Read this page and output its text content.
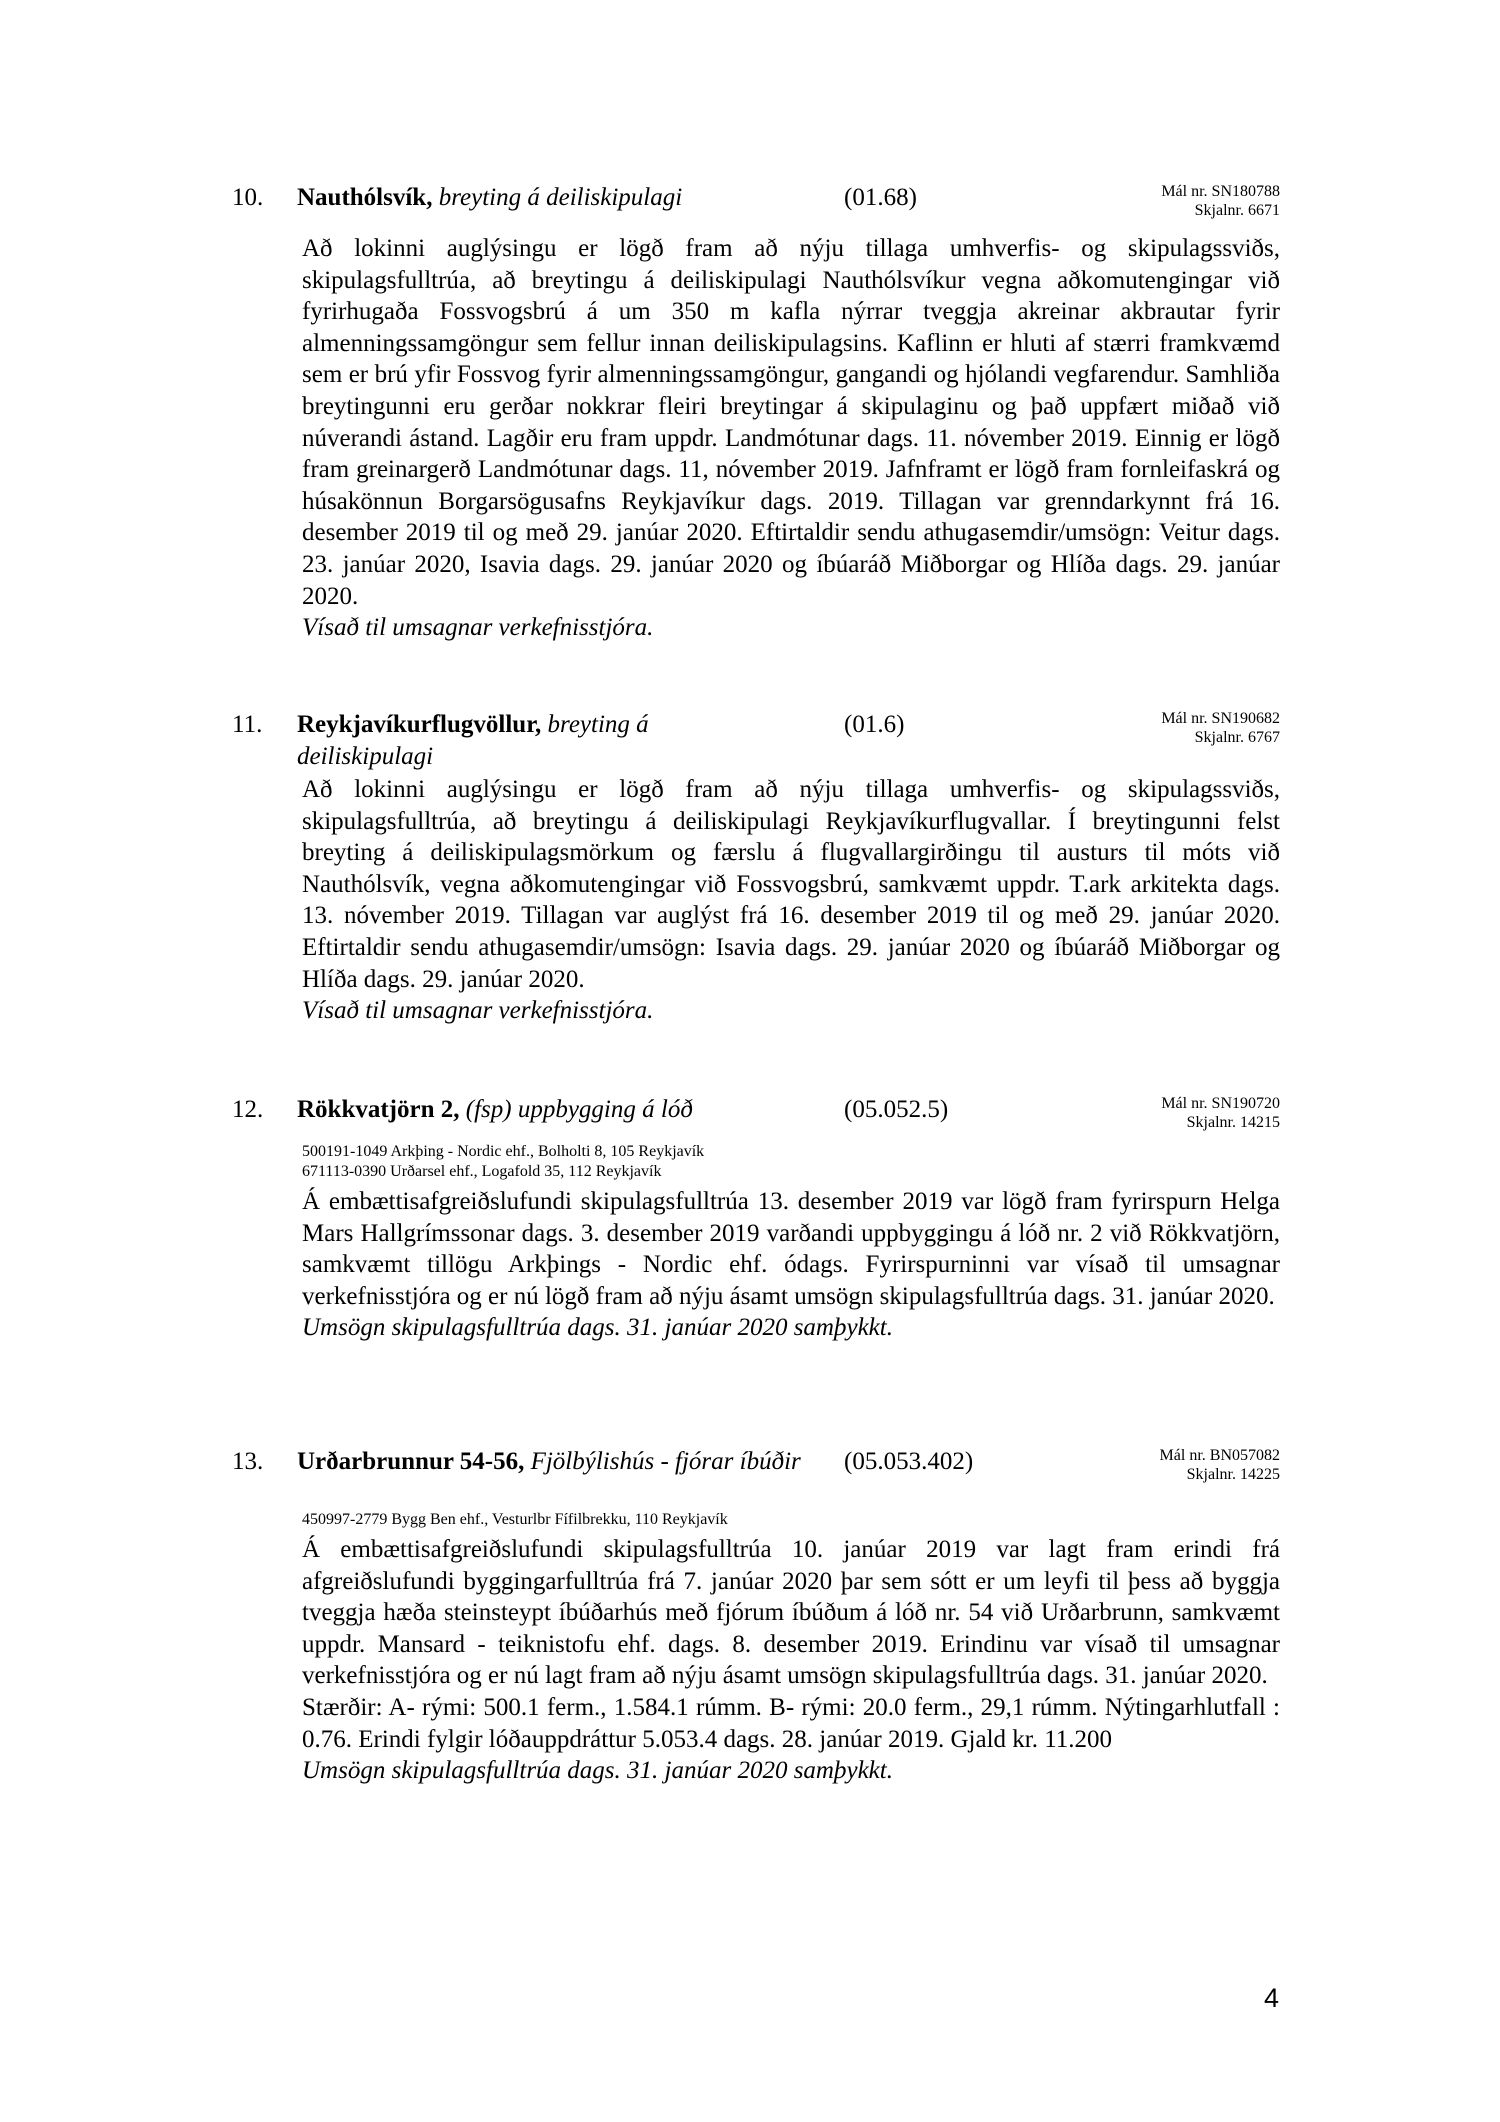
10. Nauthólsvík, breyting á deiliskipulagi	(01.68)	Mál nr. SN180788
Skjalnr. 6671

Að lokinni auglýsingu er lögð fram að nýju tillaga umhverfis- og skipulagssviðs, skipulagsfulltrúa, að breytingu á deiliskipulagi Nauthólsvíkur vegna aðkomutengingar við fyrirhugaða Fossvogsbrú á um 350 m kafla nýrrar tveggja akreinar akbrautar fyrir almenningssamgöngur sem fellur innan deiliskipulagsins. Kaflinn er hluti af stærri framkvæmd sem er brú yfir Fossvog fyrir almenningssamgöngur, gangandi og hjólandi vegfarendur. Samhliða breytingunni eru gerðar nokkrar fleiri breytingar á skipulaginu og það uppfært miðað við núverandi ástand. Lagðir eru fram uppdr. Landmótunar dags. 11. nóvember 2019. Einnig er lögð fram greinargerð Landmótunar dags. 11, nóvember 2019. Jafnframt er lögð fram fornleifaskrá og húsakönnun Borgarsögusafns Reykjavíkur dags. 2019. Tillagan var grenndarkynnt frá 16. desember 2019 til og með 29. janúar 2020. Eftirtaldir sendu athugasemdir/umsögn: Veitur dags. 23. janúar 2020, Isavia dags. 29. janúar 2020 og íbúaráð Miðborgar og Hlíða dags. 29. janúar 2020.

Vísað til umsagnar verkefnisstjóra.

11. Reykjavíkurflugvöllur, breyting á deiliskipulagi
(01.6)	Mál nr. SN190682
Skjalnr. 6767

Að lokinni auglýsingu er lögð fram að nýju tillaga umhverfis- og skipulagssviðs, skipulagsfulltrúa, að breytingu á deiliskipulagi Reykjavíkurflugvallar. Í breytingunni felst breyting á deiliskipulagsmörkum og færslu á flugvallargirðingu til austurs til móts við Nauthólsvík, vegna aðkomutengingar við Fossvogsbrú, samkvæmt uppdr. T.ark arkitekta dags. 13. nóvember 2019. Tillagan var auglýst frá 16. desember 2019 til og með 29. janúar 2020. Eftirtaldir sendu athugasemdir/umsögn: Isavia dags. 29. janúar 2020 og íbúaráð Miðborgar og Hlíða dags. 29. janúar 2020.

Vísað til umsagnar verkefnisstjóra.

12. Rökkvatjörn 2, (fsp) uppbygging á lóð	(05.052.5)	Mál nr. SN190720
Skjalnr. 14215
500191-1049 Arkþing - Nordic ehf., Bolholti 8, 105 Reykjavík
671113-0390 Urðarsel ehf., Logafold 35, 112 Reykjavík

Á embættisafgreiðslufundi skipulagsfulltrúa 13. desember 2019 var lögð fram fyrirspurn Helga Mars Hallgrímssonar dags. 3. desember 2019 varðandi uppbyggingu á lóð nr. 2 við Rökkvatjörn, samkvæmt tillögu Arkþings - Nordic ehf. ódags. Fyrirspurninni var vísað til umsagnar verkefnisstjóra og er nú lögð fram að nýju ásamt umsögn skipulagsfulltrúa dags. 31. janúar 2020.

Umsögn skipulagsfulltrúa dags. 31. janúar 2020 samþykkt.

13. Urðarbrunnur 54-56, Fjölbýlishús - fjórar íbúðir	(05.053.402)	Mál nr. BN057082
Skjalnr. 14225
450997-2779 Bygg Ben ehf., Vesturlbr Fífilbrekku, 110 Reykjavík

Á embættisafgreiðslufundi skipulagsfulltrúa 10. janúar 2019 var lagt fram erindi frá afgreiðslufundi byggingarfulltrúa frá 7. janúar 2020 þar sem sótt er um leyfi til þess að byggja tveggja hæða steinsteypt íbúðarhús með fjórum íbúðum á lóð nr. 54 við Urðarbrunn, samkvæmt uppdr. Mansard - teiknistofu ehf. dags. 8. desember 2019. Erindinu var vísað til umsagnar verkefnisstjóra og er nú lagt fram að nýju ásamt umsögn skipulagsfulltrúa dags. 31. janúar 2020.

Stærðir: A- rými: 500.1 ferm., 1.584.1 rúmm. B- rými: 20.0 ferm., 29,1 rúmm. Nýtingarhlutfall : 0.76. Erindi fylgir lóðauppdráttur 5.053.4 dags. 28. janúar 2019. Gjald kr. 11.200

Umsögn skipulagsfulltrúa dags. 31. janúar 2020 samþykkt.

4
